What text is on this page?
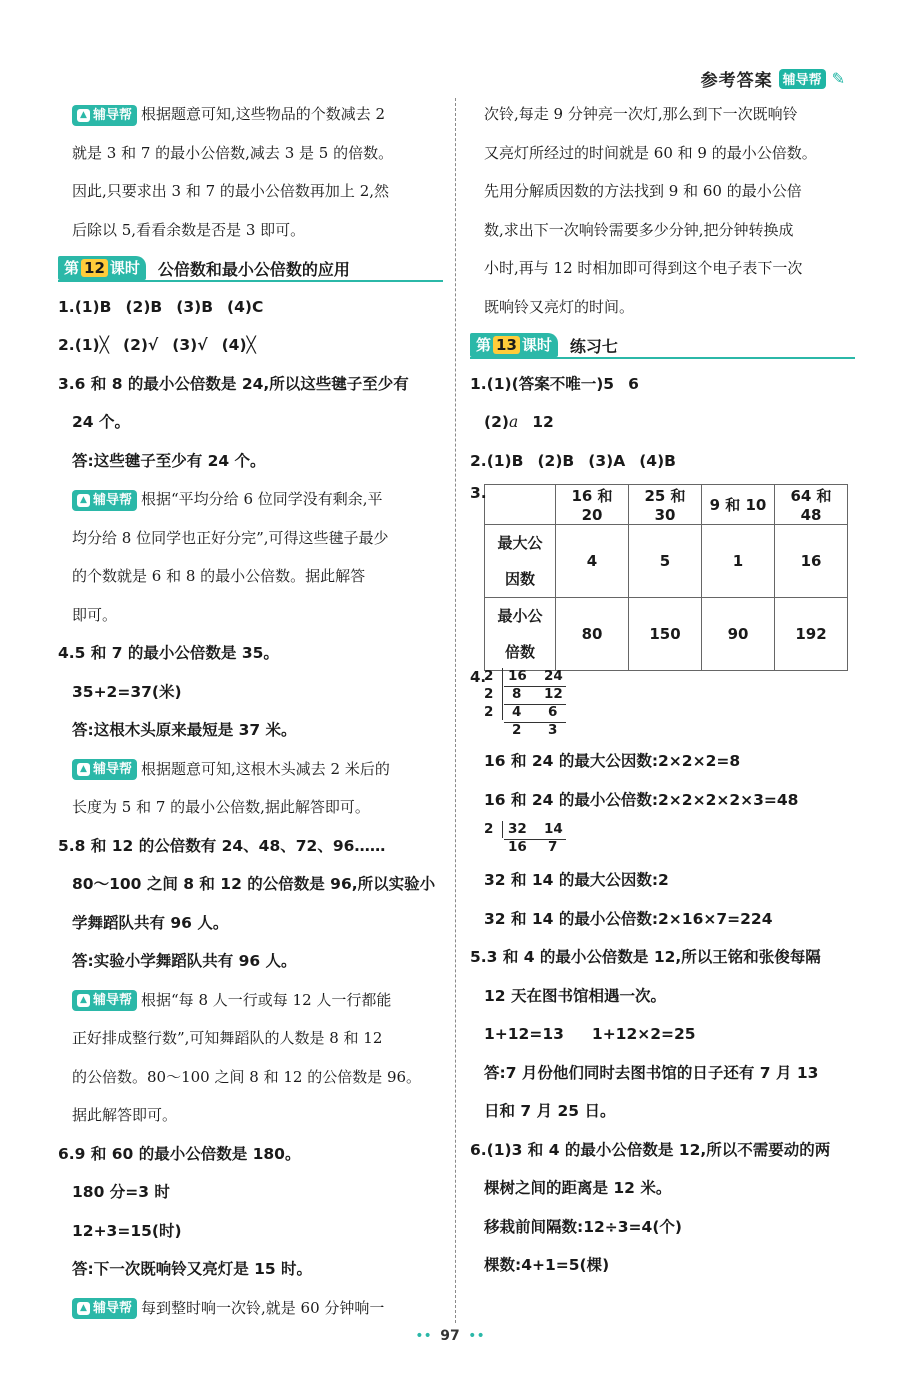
参考答案 辅导帮 ✎
▲ 辅导帮 根据题意可知,这些物品的个数减去 2
就是 3 和 7 的最小公倍数,减去 3 是 5 的倍数。
因此,只要求出 3 和 7 的最小公倍数再加上 2,然
后除以 5,看看余数是否是 3 即可。
第 12 课时	公倍数和最小公倍数的应用
1.(1)B (2)B (3)B (4)C
2.(1)╳ (2)√ (3)√ (4)╳
3.6 和 8 的最小公倍数是 24,所以这些毽子至少有
24 个。
答:这些毽子至少有 24 个。
▲ 辅导帮 根据“平均分给 6 位同学没有剩余,平
均分给 8 位同学也正好分完”,可得这些毽子最少
的个数就是 6 和 8 的最小公倍数。据此解答
即可。
4.5 和 7 的最小公倍数是 35。
35+2=37(米)
答:这根木头原来最短是 37 米。
▲ 辅导帮 根据题意可知,这根木头减去 2 米后的
长度为 5 和 7 的最小公倍数,据此解答即可。
5.8 和 12 的公倍数有 24、48、72、96……
80～100 之间 8 和 12 的公倍数是 96,所以实验小
学舞蹈队共有 96 人。
答:实验小学舞蹈队共有 96 人。
▲ 辅导帮 根据“每 8 人一行或每 12 人一行都能
正好排成整行数”,可知舞蹈队的人数是 8 和 12
的公倍数。80～100 之间 8 和 12 的公倍数是 96。
据此解答即可。
6.9 和 60 的最小公倍数是 180。
180 分=3 时
12+3=15(时)
答:下一次既响铃又亮灯是 15 时。
▲ 辅导帮 每到整时响一次铃,就是 60 分钟响一
次铃,每走 9 分钟亮一次灯,那么到下一次既响铃
又亮灯所经过的时间就是 60 和 9 的最小公倍数。
先用分解质因数的方法找到 9 和 60 的最小公倍
数,求出下一次响铃需要多少分钟,把分钟转换成
小时,再与 12 时相加即可得到这个电子表下一次
既响铃又亮灯的时间。
第 13 课时	练习七
1.(1)(答案不唯一)5 6
(2)a 12
2.(1)B (2)B (3)A (4)B
3.
		16 和 20	25 和 30	9 和 10	64 和 48
最大公
因数	4	5	1	16
最小公
倍数	80	150	90	192
4.
2 16 24
2 8 12
2 4 6
2 3
16 和 24 的最大公因数:2×2×2=8
16 和 24 的最小公倍数:2×2×2×2×3=48
2 32 14
16 7
32 和 14 的最大公因数:2
32 和 14 的最小公倍数:2×16×7=224
5.3 和 4 的最小公倍数是 12,所以王铭和张俊每隔
12 天在图书馆相遇一次。
1+12=13 1+12×2=25
答:7 月份他们同时去图书馆的日子还有 7 月 13
日和 7 月 25 日。
6.(1)3 和 4 的最小公倍数是 12,所以不需要动的两
棵树之间的距离是 12 米。
移栽前间隔数:12÷3=4(个)
棵数:4+1=5(棵)
•• 97 ••
